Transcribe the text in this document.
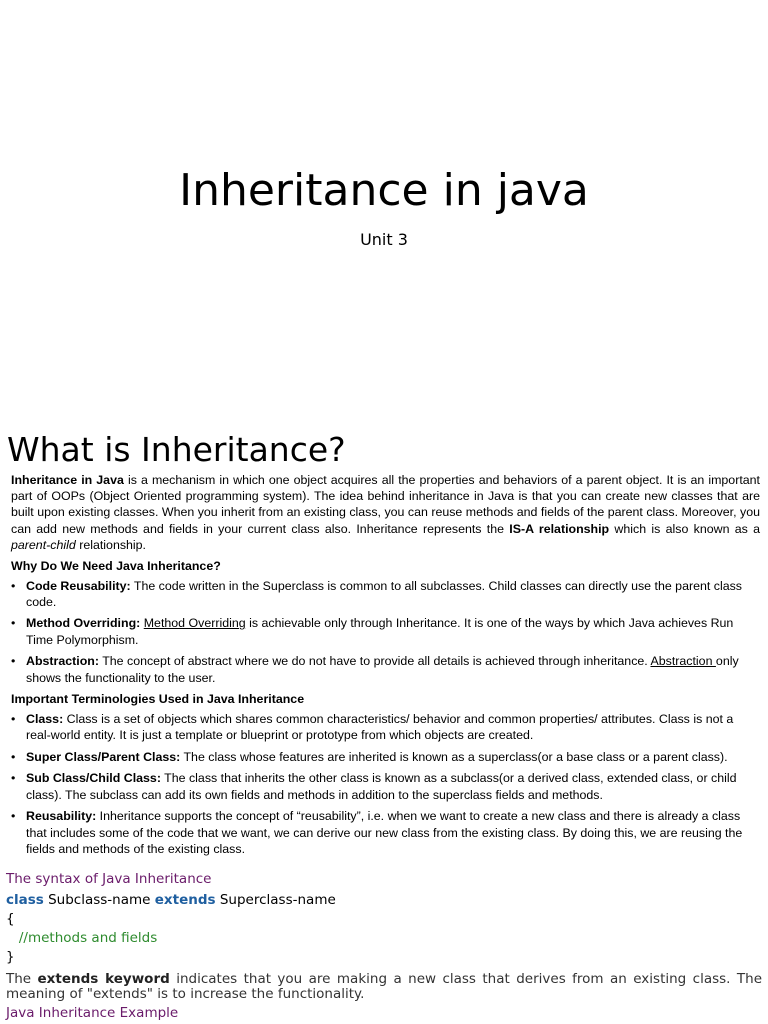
Inheritance in java

Unit 3

What is Inheritance?

Inheritance in Java is a mechanism in which one object acquires all the properties and behaviors of a parent object. It is an important part of OOPs (Object Oriented programming system). The idea behind inheritance in Java is that you can create new classes that are built upon existing classes. When you inherit from an existing class, you can reuse methods and fields of the parent class. Moreover, you can add new methods and fields in your current class also. Inheritance represents the IS-A relationship which is also known as a parent-child relationship.

Why Do We Need Java Inheritance?

• Code Reusability: The code written in the Superclass is common to all subclasses. Child classes can directly use the parent class code.
• Method Overriding: Method Overriding is achievable only through Inheritance. It is one of the ways by which Java achieves Run Time Polymorphism.
• Abstraction: The concept of abstract where we do not have to provide all details is achieved through inheritance. Abstraction only shows the functionality to the user.

Important Terminologies Used in Java Inheritance

• Class: Class is a set of objects which shares common characteristics/ behavior and common properties/ attributes. Class is not a real-world entity. It is just a template or blueprint or prototype from which objects are created.
• Super Class/Parent Class: The class whose features are inherited is known as a superclass(or a base class or a parent class).
• Sub Class/Child Class: The class that inherits the other class is known as a subclass(or a derived class, extended class, or child class). The subclass can add its own fields and methods in addition to the superclass fields and methods.
• Reusability: Inheritance supports the concept of “reusability”, i.e. when we want to create a new class and there is already a class that includes some of the code that we want, we can derive our new class from the existing class. By doing this, we are reusing the fields and methods of the existing class.

The syntax of Java Inheritance

class Subclass-name extends Superclass-name

{

//methods and fields

}

The extends keyword indicates that you are making a new class that derives from an existing class. The meaning of "extends" is to increase the functionality.

Java Inheritance Example
